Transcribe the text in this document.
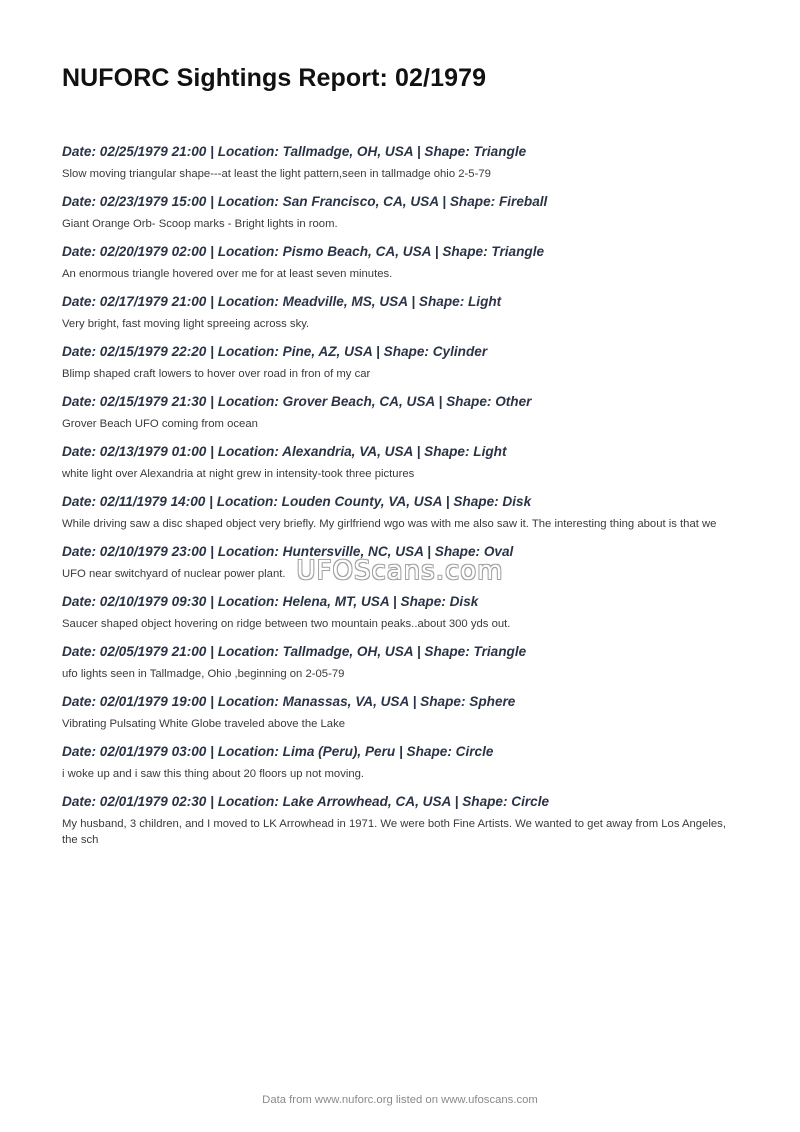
NUFORC Sightings Report: 02/1979

Date: 02/25/1979 21:00 | Location: Tallmadge, OH, USA | Shape: Triangle

Slow moving triangular shape---at least the light pattern,seen in tallmadge ohio 2-5-79

Date: 02/23/1979 15:00 | Location: San Francisco, CA, USA | Shape: Fireball

Giant Orange Orb- Scoop marks - Bright lights in room.

Date: 02/20/1979 02:00 | Location: Pismo Beach, CA, USA | Shape: Triangle

An enormous triangle hovered over me for at least seven minutes.

Date: 02/17/1979 21:00 | Location: Meadville, MS, USA | Shape: Light

Very bright, fast moving light spreeing across sky.

Date: 02/15/1979 22:20 | Location: Pine, AZ, USA | Shape: Cylinder

Blimp shaped craft lowers to hover over road in fron of my car

Date: 02/15/1979 21:30 | Location: Grover Beach, CA, USA | Shape: Other

Grover Beach UFO coming from ocean

Date: 02/13/1979 01:00 | Location: Alexandria, VA, USA | Shape: Light

white light over Alexandria at night grew in intensity-took three pictures

Date: 02/11/1979 14:00 | Location: Louden County, VA, USA | Shape: Disk

While driving saw a disc shaped object very briefly. My girlfriend wgo was with me also saw it. The interesting thing about is that we

Date: 02/10/1979 23:00 | Location: Huntersville, NC, USA | Shape: Oval

UFO near switchyard of nuclear power plant.

Date: 02/10/1979 09:30 | Location: Helena, MT, USA | Shape: Disk

Saucer shaped object hovering on ridge between two mountain peaks..about 300 yds out.

Date: 02/05/1979 21:00 | Location: Tallmadge, OH, USA | Shape: Triangle

ufo lights seen in Tallmadge, Ohio ,beginning on 2-05-79

Date: 02/01/1979 19:00 | Location: Manassas, VA, USA | Shape: Sphere

Vibrating Pulsating White Globe traveled above the Lake

Date: 02/01/1979 03:00 | Location: Lima (Peru), Peru | Shape: Circle

i woke up and i saw this thing about 20 floors up not moving.

Date: 02/01/1979 02:30 | Location: Lake Arrowhead, CA, USA | Shape: Circle

My husband, 3 children, and I moved to LK Arrowhead in 1971. We were both Fine Artists. We wanted to get away from Los Angeles, the sch

UFOScans.com
Data from www.nuforc.org listed on www.ufoscans.com
